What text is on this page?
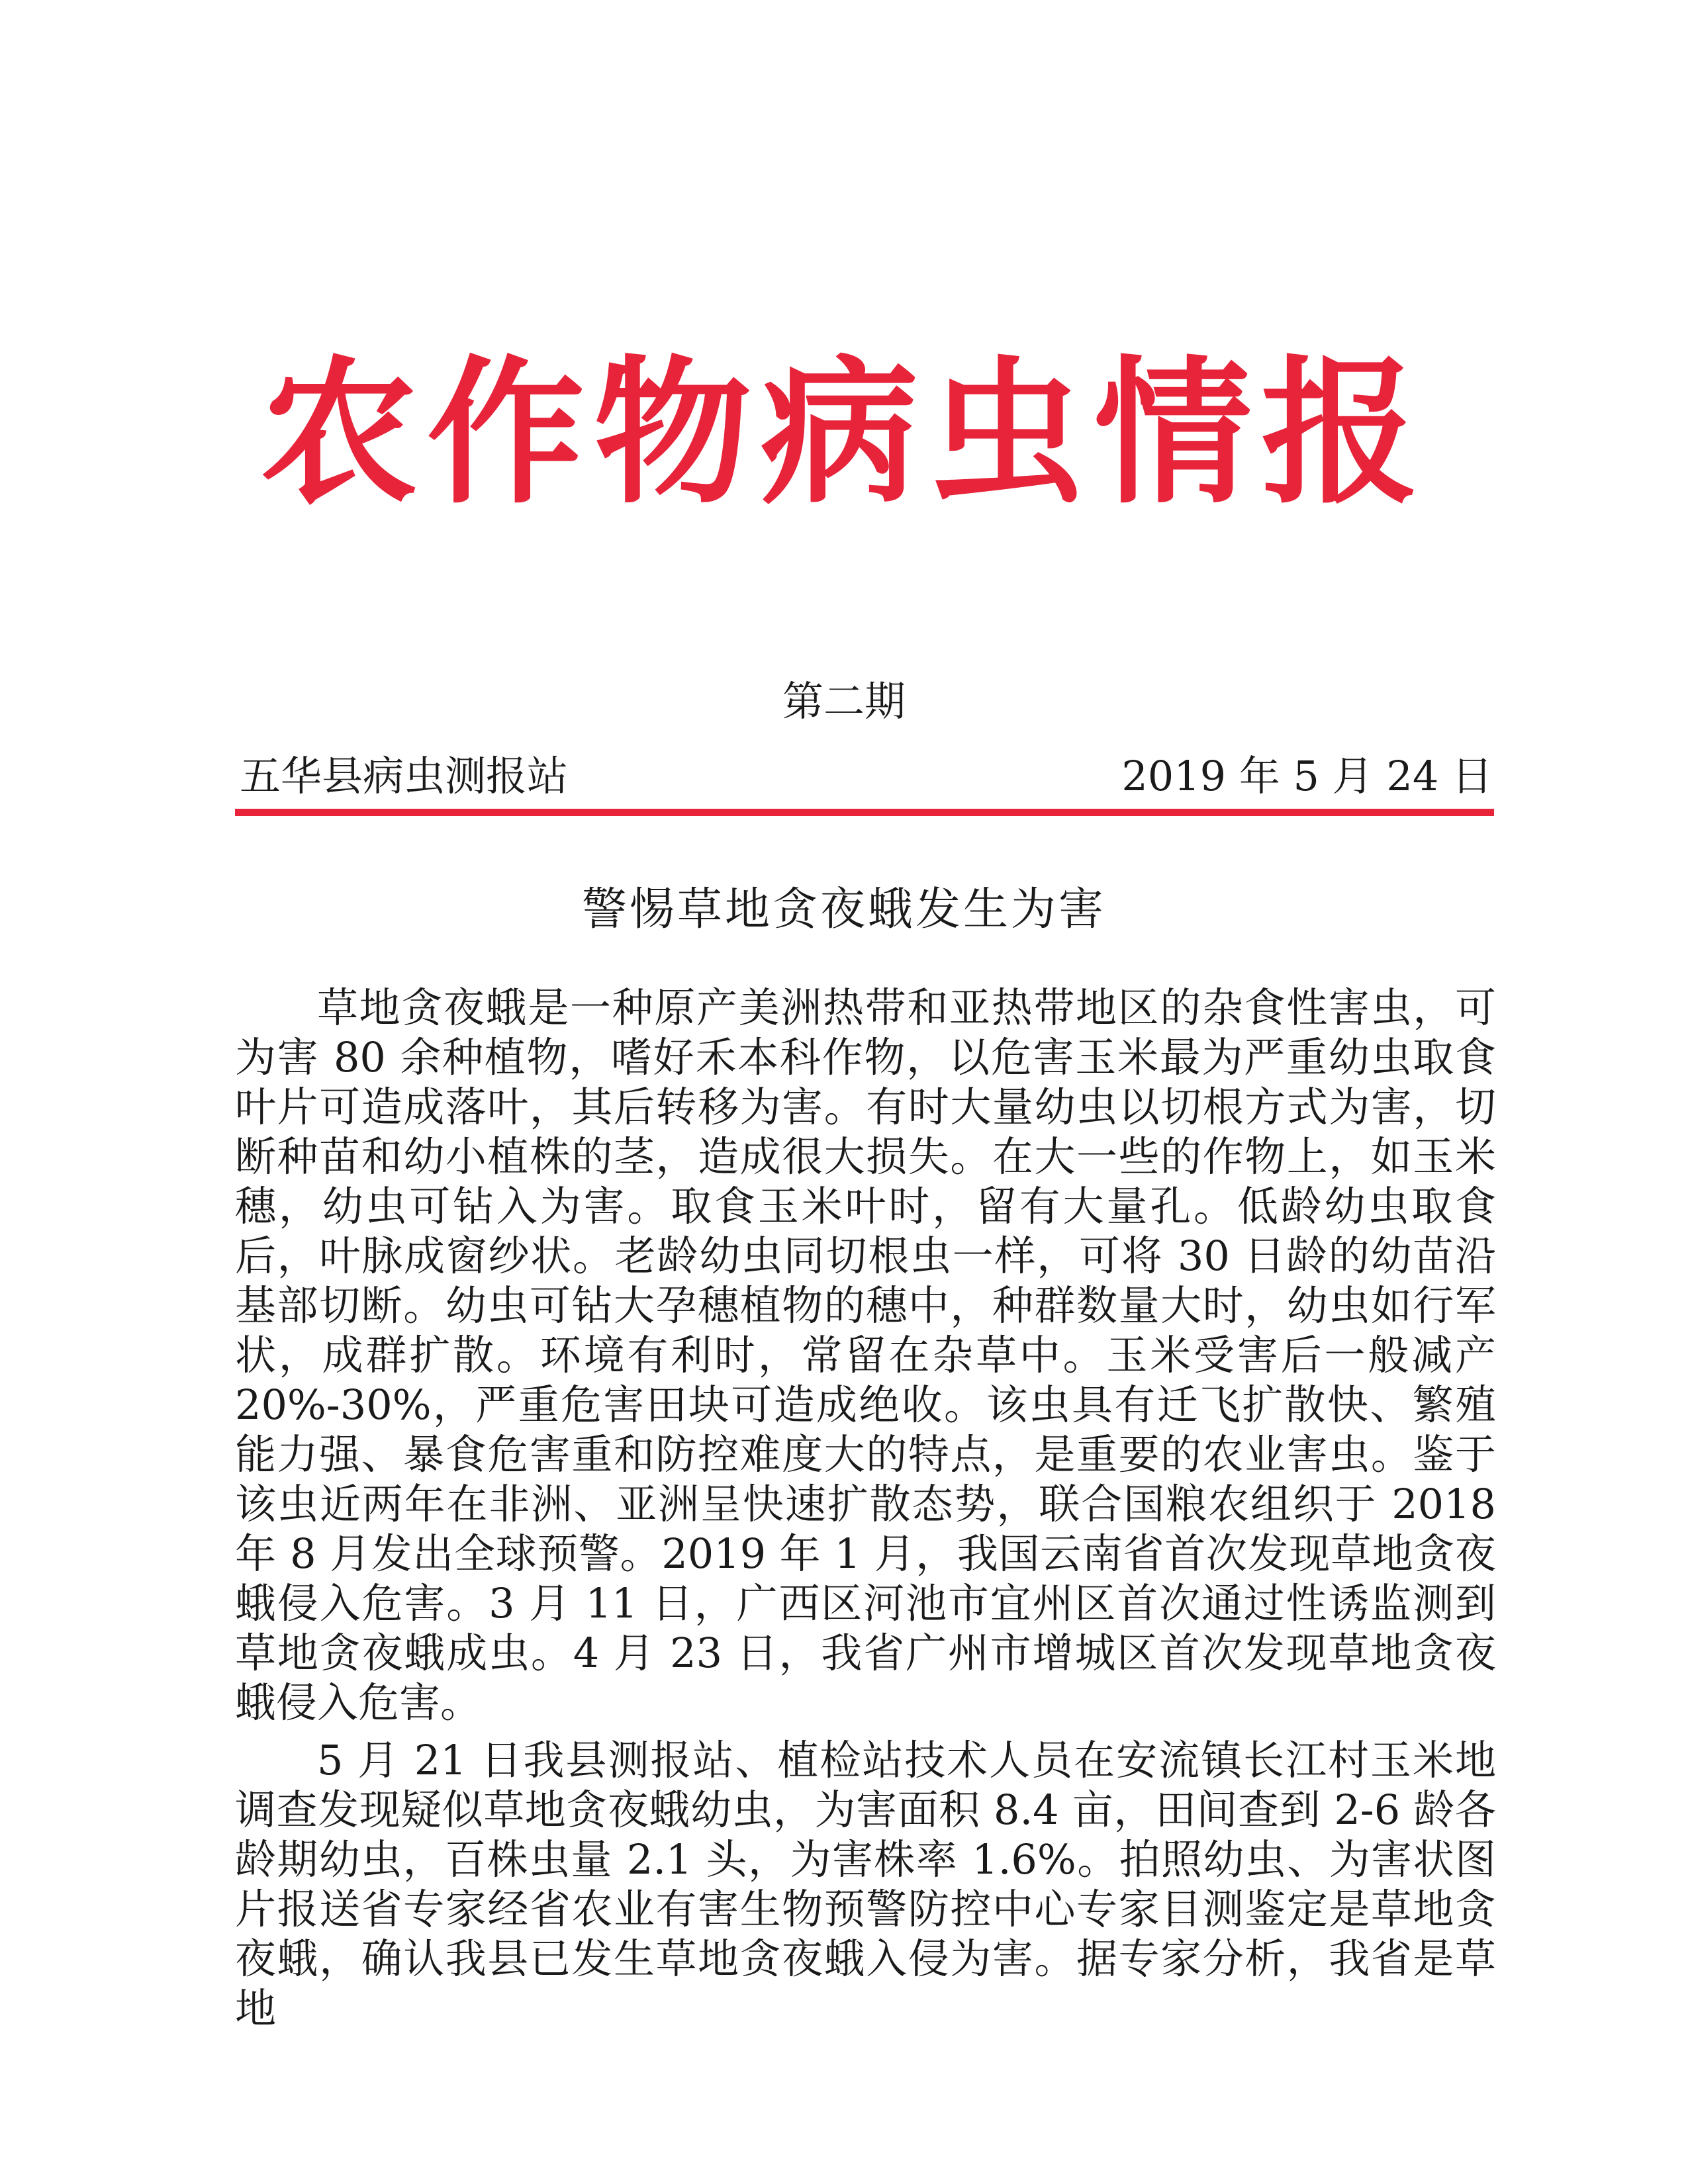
农作物病虫情报
第二期
五华县病虫测报站	2019 年 5 月 24 日
警惕草地贪夜蛾发生为害

草地贪夜蛾是一种原产美洲热带和亚热带地区的杂食性害虫，可为害 80 余种植物，嗜好禾本科作物，以危害玉米最为严重幼虫取食叶片可造成落叶，其后转移为害。有时大量幼虫以切根方式为害，切断种苗和幼小植株的茎，造成很大损失。在大一些的作物上，如玉米穗，幼虫可钻入为害。取食玉米叶时，留有大量孔。低龄幼虫取食后，叶脉成窗纱状。老龄幼虫同切根虫一样，可将 30 日龄的幼苗沿基部切断。幼虫可钻大孕穗植物的穗中，种群数量大时，幼虫如行军状，成群扩散。环境有利时，常留在杂草中。玉米受害后一般减产 20%-30%，严重危害田块可造成绝收。该虫具有迁飞扩散快、繁殖能力强、暴食危害重和防控难度大的特点，是重要的农业害虫。鉴于该虫近两年在非洲、亚洲呈快速扩散态势，联合国粮农组织于 2018 年 8 月发出全球预警。2019 年 1 月，我国云南省首次发现草地贪夜蛾侵入危害。3 月 11 日，广西区河池市宜州区首次通过性诱监测到草地贪夜蛾成虫。4 月 23 日，我省广州市增城区首次发现草地贪夜蛾侵入危害。

5 月 21 日我县测报站、植检站技术人员在安流镇长江村玉米地调查发现疑似草地贪夜蛾幼虫，为害面积 8.4 亩，田间查到 2-6 龄各龄期幼虫，百株虫量 2.1 头，为害株率 1.6%。拍照幼虫、为害状图片报送省专家经省农业有害生物预警防控中心专家目测鉴定是草地贪夜蛾，确认我县已发生草地贪夜蛾入侵为害。据专家分析，我省是草地
